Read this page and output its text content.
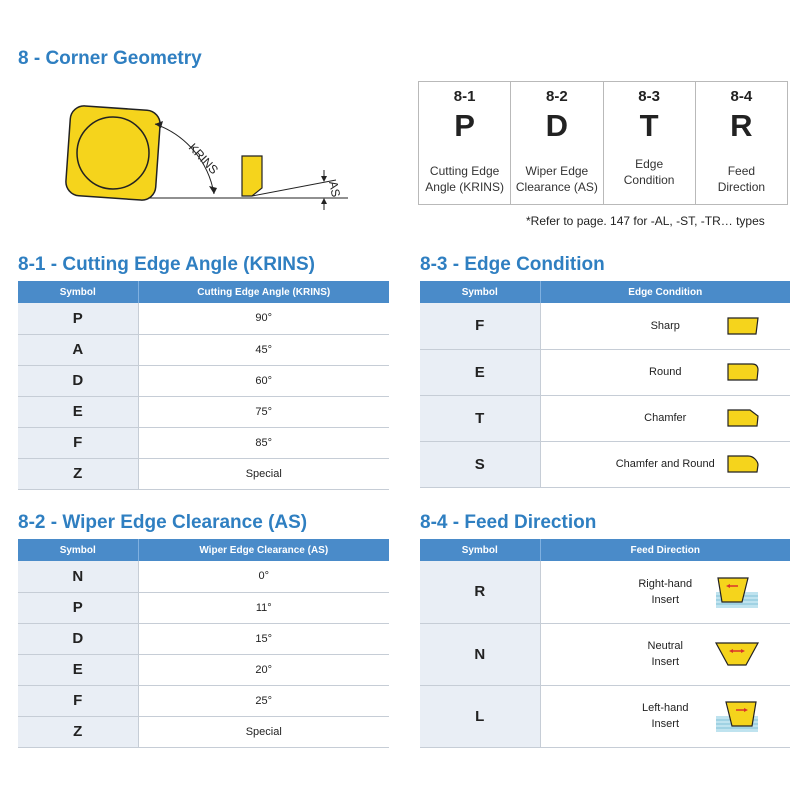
8 - Corner Geometry
KRINS
AS
8-1
P
Cutting Edge
Angle (KRINS)
8-2
D
Wiper Edge
Clearance (AS)
8-3
T
Edge
Condition
8-4
R
Feed
Direction
*Refer to page. 147 for -AL, -ST, -TR… types
8-1 - Cutting Edge Angle (KRINS)
Symbol	Cutting Edge Angle (KRINS)
P	90°
A	45°
D	60°
E	75°
F	85°
Z	Special
8-2 - Wiper Edge Clearance (AS)
Symbol	Wiper Edge Clearance (AS)
N	0°
P	11°
D	15°
E	20°
F	25°
Z	Special
8-3 - Edge Condition
Symbol	Edge Condition
F	Sharp

E	Round

T	Chamfer

S	Chamfer and Round
8-4 - Feed Direction
Symbol	Feed Direction
R	Right-hand
Insert

N	Neutral
Insert

L	Left-hand
Insert
